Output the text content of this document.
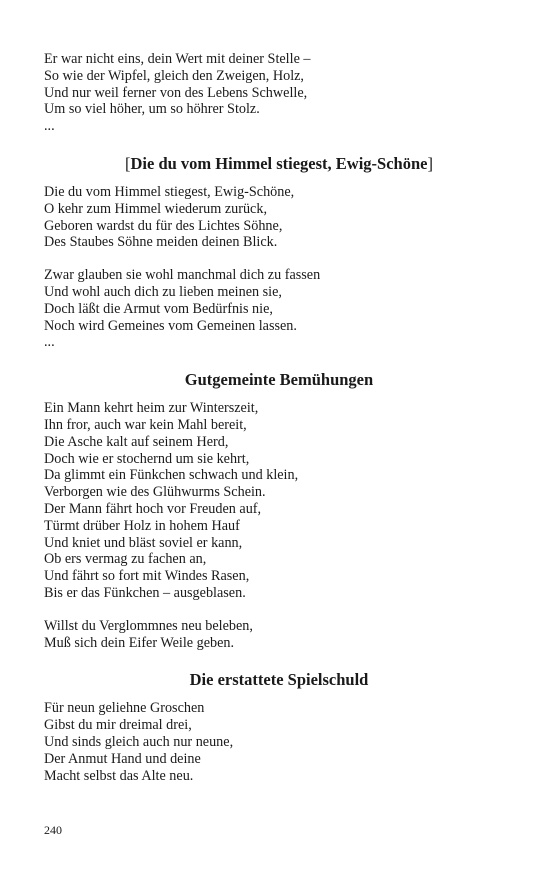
Er war nicht eins, dein Wert mit deiner Stelle –
So wie der Wipfel, gleich den Zweigen, Holz,
Und nur weil ferner von des Lebens Schwelle,
Um so viel höher, um so höhrer Stolz.
...
[Die du vom Himmel stiegest, Ewig-Schöne]
Die du vom Himmel stiegest, Ewig-Schöne,
O kehr zum Himmel wiederum zurück,
Geboren wardst du für des Lichtes Söhne,
Des Staubes Söhne meiden deinen Blick.
Zwar glauben sie wohl manchmal dich zu fassen
Und wohl auch dich zu lieben meinen sie,
Doch läßt die Armut vom Bedürfnis nie,
Noch wird Gemeines vom Gemeinen lassen.
...
Gutgemeinte Bemühungen
Ein Mann kehrt heim zur Winterszeit,
Ihn fror, auch war kein Mahl bereit,
Die Asche kalt auf seinem Herd,
Doch wie er stochernd um sie kehrt,
Da glimmt ein Fünkchen schwach und klein,
Verborgen wie des Glühwurms Schein.
Der Mann fährt hoch vor Freuden auf,
Türmt drüber Holz in hohem Hauf
Und kniet und bläst soviel er kann,
Ob ers vermag zu fachen an,
Und fährt so fort mit Windes Rasen,
Bis er das Fünkchen – ausgeblasen.
Willst du Verglommnes neu beleben,
Muß sich dein Eifer Weile geben.
Die erstattete Spielschuld
Für neun geliehne Groschen
Gibst du mir dreimal drei,
Und sinds gleich auch nur neune,
Der Anmut Hand und deine
Macht selbst das Alte neu.
240
